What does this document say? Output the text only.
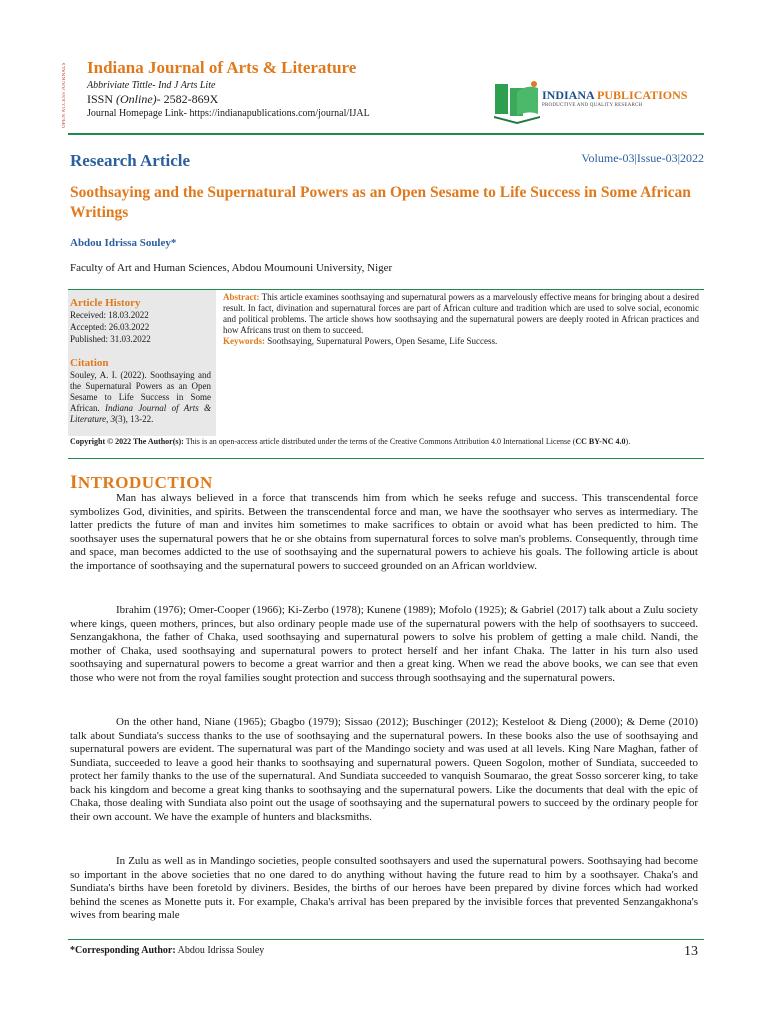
OPEN ACCESS JOURNALS	Indiana Journal of Arts & Literature
Abbriviate Tittle- Ind J Arts Lite
ISSN (Online)- 2582-869X
Journal Homepage Link- https://indianapublications.com/journal/IJAL
INDIANA PUBLICATIONS
PRODUCTIVE AND QUALITY RESEARCH
Research Article	Volume-03|Issue-03|2022
Soothsaying and the Supernatural Powers as an Open Sesame to Life Success in Some African Writings
Abdou Idrissa Souley*
Faculty of Art and Human Sciences, Abdou Moumouni University, Niger
Article History
Received: 18.03.2022
Accepted: 26.03.2022
Published: 31.03.2022
Citation
Souley, A. I. (2022). Soothsaying and the Supernatural Powers as an Open Sesame to Life Success in Some African. Indiana Journal of Arts & Literature, 3(3), 13-22.
Abstract: This article examines soothsaying and supernatural powers as a marvelously effective means for bringing about a desired result. In fact, divination and supernatural forces are part of African culture and tradition which are used to solve social, economic and political problems. The article shows how soothsaying and the supernatural powers are deeply rooted in African practices and how Africans trust on them to succeed.
Keywords: Soothsaying, Supernatural Powers, Open Sesame, Life Success.
Copyright © 2022 The Author(s): This is an open-access article distributed under the terms of the Creative Commons Attribution 4.0 International License (CC BY-NC 4.0).
INTRODUCTION
Man has always believed in a force that transcends him from which he seeks refuge and success. This transcendental force symbolizes God, divinities, and spirits. Between the transcendental force and man, we have the soothsayer who serves as intermediary. The latter predicts the future of man and invites him sometimes to make sacrifices to obtain or avoid what has been predicted to him. The soothsayer uses the supernatural powers that he or she obtains from supernatural forces to solve man's problems. Consequently, through time and space, man becomes addicted to the use of soothsaying and the supernatural powers to achieve his goals. The following article is about the importance of soothsaying and the supernatural powers to succeed grounded on an African worldview.
Ibrahim (1976); Omer-Cooper (1966); Ki-Zerbo (1978); Kunene (1989); Mofolo (1925); & Gabriel (2017) talk about a Zulu society where kings, queen mothers, princes, but also ordinary people made use of the supernatural powers with the help of soothsayers to succeed. Senzangakhona, the father of Chaka, used soothsaying and supernatural powers to solve his problem of getting a male child. Nandi, the mother of Chaka, used soothsaying and supernatural powers to protect herself and her infant Chaka. The latter in his turn also used soothsaying and supernatural powers to become a great warrior and then a great king. When we read the above books, we can see that even those who were not from the royal families sought protection and success through soothsaying and the supernatural powers.
On the other hand, Niane (1965); Gbagbo (1979); Sissao (2012); Buschinger (2012); Kesteloot & Dieng (2000); & Deme (2010) talk about Sundiata's success thanks to the use of soothsaying and the supernatural powers. In these books also the use of soothsaying and supernatural powers are evident. The supernatural was part of the Mandingo society and was used at all levels. King Nare Maghan, father of Sundiata, succeeded to leave a good heir thanks to soothsaying and supernatural powers. Queen Sogolon, mother of Sundiata, succeeded to protect her family thanks to the use of the supernatural. And Sundiata succeeded to vanquish Soumarao, the great Sosso sorcerer king, to take back his kingdom and become a great king thanks to soothsaying and the supernatural powers. Like the documents that deal with the epic of Chaka, those dealing with Sundiata also point out the usage of soothsaying and the supernatural powers to succeed by the ordinary people for their own account. We have the example of hunters and blacksmiths.
In Zulu as well as in Mandingo societies, people consulted soothsayers and used the supernatural powers. Soothsaying had become so important in the above societies that no one dared to do anything without having the future read to him by a soothsayer. Chaka's and Sundiata's births have been foretold by diviners. Besides, the births of our heroes have been prepared by divine forces which had worked behind the scenes as Monette puts it. For example, Chaka's arrival has been prepared by the invisible forces that prevented Senzangakhona's wives from bearing male
*Corresponding Author: Abdou Idrissa Souley	13
